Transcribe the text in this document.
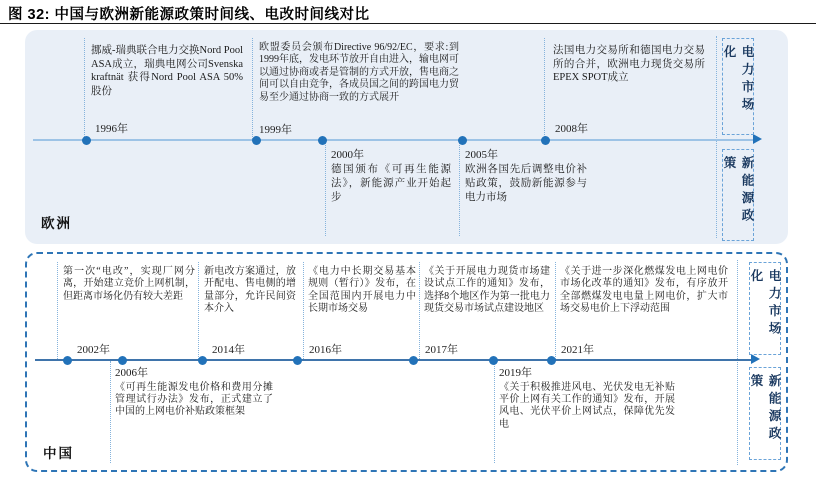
图 32: 中国与欧洲新能源政策时间线、电改时间线对比
挪威-瑞典联合电力交换Nord Pool ASA成立，瑞典电网公司Svenska kraftnät 获得Nord Pool ASA 50%股份
1996年
欧盟委员会颁布Directive 96/92/EC，要求:到1999年底，发电环节放开自由进入，输电网可以通过协商或者是管制的方式开放，售电商之间可以自由竞争，各成员国之间的跨国电力贸易至少通过协商一致的方式展开
1999年
法国电力交易所和德国电力交易所的合并，欧洲电力现货交易所EPEX SPOT成立
2008年
2000年
德国颁布《可再生能源法》，新能源产业开始起步
2005年
欧洲各国先后调整电价补贴政策，鼓励新能源参与电力市场
电力市场化
新能源政策
欧洲
第一次“电改”，实现厂网分离，开始建立竞价上网机制，但距离市场化仍有较大差距
2002年
新电改方案通过，放开配电、售电侧的增量部分，允许民间资本介入
2014年
《电力中长期交易基本规则（暂行）》发布，在全国范围内开展电力中长期市场交易
2016年
《关于开展电力现货市场建设试点工作的通知》发布，选择8个地区作为第一批电力现货交易市场试点建设地区
2017年
《关于进一步深化燃煤发电上网电价市场化改革的通知》发布，有序放开全部燃煤发电电量上网电价，扩大市场交易电价上下浮动范围
2021年
2006年
《可再生能源发电价格和费用分摊管理试行办法》发布，正式建立了中国的上网电价补贴政策框架
2019年
《关于积极推进风电、光伏发电无补贴平价上网有关工作的通知》发布，开展风电、光伏平价上网试点，保障优先发电
电力市场化
新能源政策
中国
